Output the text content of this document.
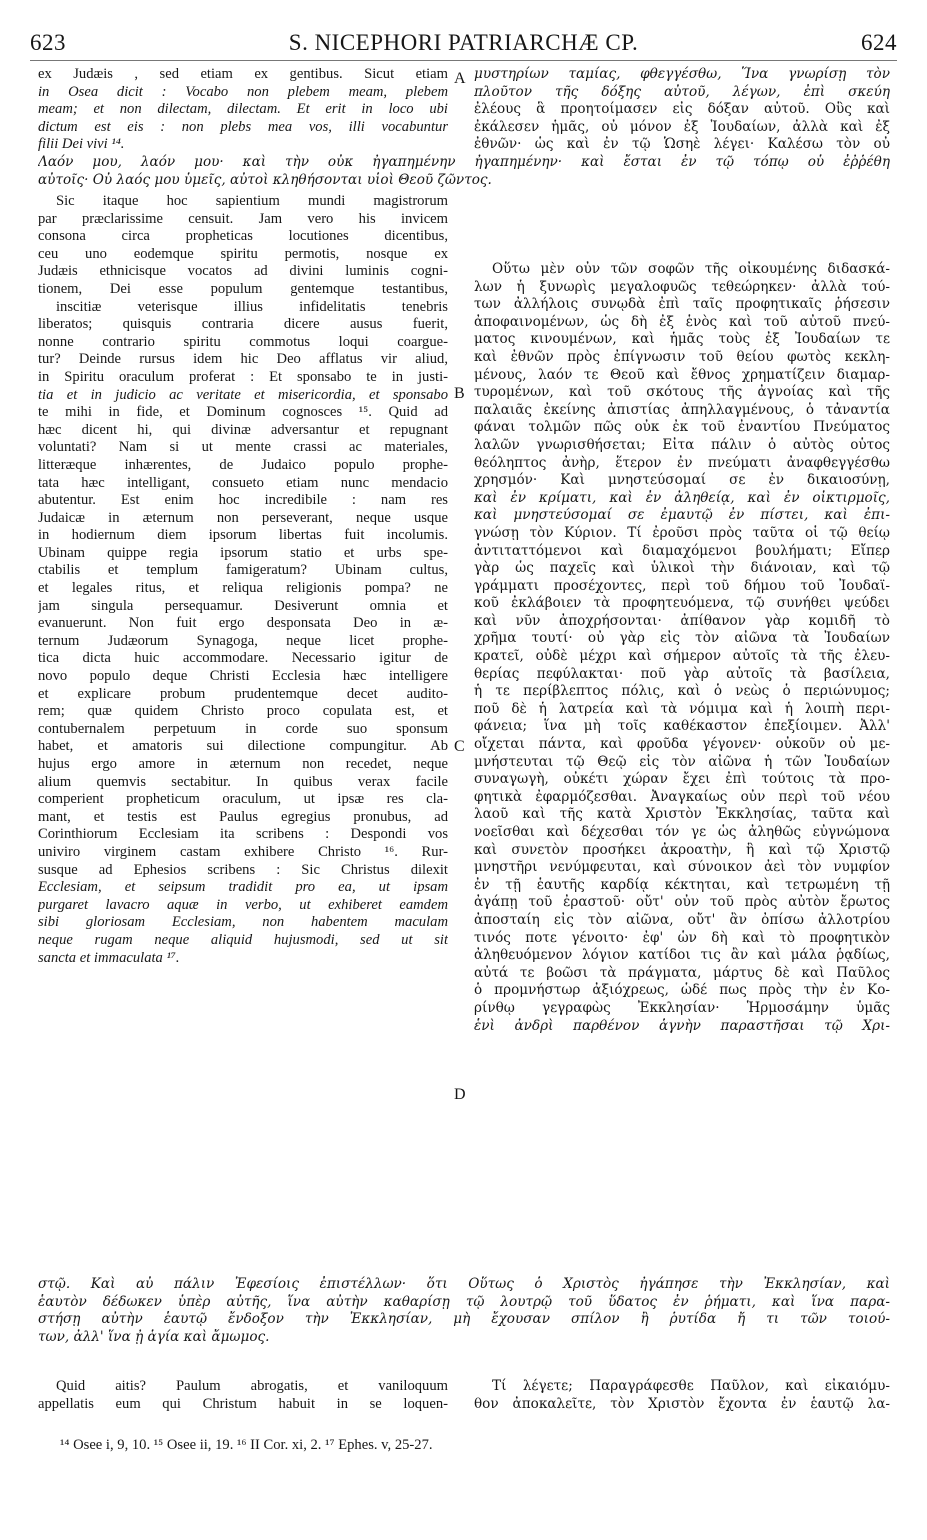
S. NICEPHORI PATRIARCHÆ CP.
623	624
A
B
C
D
ex Judæis , sed etiam ex gentibus. Sicut etiam
in Osea dicit : Vocabo non plebem meam, plebem
meam; et non dilectam, dilectam. Et erit in loco ubi
dictum est eis : non plebs mea vos, illi vocabuntur
filii Dei vivi ¹⁴.
μυστηρίων ταμίας, φθεγγέσθω, Ἵνα γνωρίσῃ τὸν
πλοῦτον τῆς δόξης αὐτοῦ, λέγων, ἐπὶ σκεύη
ἐλέους ἃ προητοίμασεν εἰς δόξαν αὐτοῦ. Οὓς καὶ
ἐκάλεσεν ἡμᾶς, οὐ μόνον ἐξ Ἰουδαίων, ἀλλὰ καὶ ἐξ
ἐθνῶν· ὡς καὶ ἐν τῷ Ὡσηὲ λέγει· Καλέσω τὸν οὐ
Λαόν μου, λαόν μου· καὶ τὴν οὐκ ἠγαπημένην ἠγαπημένην· καὶ ἔσται ἐν τῷ τόπῳ οὗ ἐῤῥέθη
αὐτοῖς· Οὐ λαός μου ὑμεῖς, αὐτοὶ κληθήσονται υἱοὶ Θεοῦ ζῶντος.
Sic itaque hoc sapientium mundi magistrorum
par præclarissime censuit. Jam vero his invicem
consona circa propheticas locutiones dicentibus,
ceu uno eodemque spiritu permotis, nosque ex
Judæis ethnicisque vocatos ad divini luminis cogni-
tionem, Dei esse populum gentemque testantibus,
inscitiæ veterisque illius infidelitatis tenebris
liberatos; quisquis contraria dicere ausus fuerit,
nonne contrario spiritu commotus loqui coargue-
tur? Deinde rursus idem hic Deo afflatus vir aliud,
in Spiritu oraculum proferat : Et sponsabo te in justi-
tia et in judicio ac veritate et misericordia, et sponsabo
te mihi in fide, et Dominum cognosces ¹⁵. Quid ad
hæc dicent hi, qui divinæ adversantur et repugnant
voluntati? Nam si ut mente crassi ac materiales,
litteræque inhærentes, de Judaico populo prophe-
tata hæc intelligant, consueto etiam nunc mendacio
abutentur. Est enim hoc incredibile : nam res
Judaicæ in æternum non perseverant, neque usque
in hodiernum diem ipsorum libertas fuit incolumis.
Ubinam quippe regia ipsorum statio et urbs spe-
ctabilis et templum famigeratum? Ubinam cultus,
et legales ritus, et reliqua religionis pompa? ne
jam singula persequamur. Desiverunt omnia et
evanuerunt. Non fuit ergo desponsata Deo in æ-
ternum Judæorum Synagoga, neque licet prophe-
tica dicta huic accommodare. Necessario igitur de
novo populo deque Christi Ecclesia hæc intelligere
et explicare probum prudentemque decet audito-
rem; quæ quidem Christo proco copulata est, et
contubernalem perpetuum in corde suo sponsum
habet, et amatoris sui dilectione compungitur. Ab
hujus ergo amore in æternum non recedet, neque
alium quemvis sectabitur. In quibus verax facile
comperient propheticum oraculum, ut ipsæ res cla-
mant, et testis est Paulus egregius pronubus, ad
Corinthiorum Ecclesiam ita scribens : Despondi vos
univiro virginem castam exhibere Christo ¹⁶. Rur-
susque ad Ephesios scribens : Sic Christus dilexit
Ecclesiam, et seipsum tradidit pro ea, ut ipsam
purgaret lavacro aquæ in verbo, ut exhiberet eamdem
sibi gloriosam Ecclesiam, non habentem maculam
neque rugam neque aliquid hujusmodi, sed ut sit
sancta et immaculata ¹⁷.
Οὕτω μὲν οὖν τῶν σοφῶν τῆς οἰκουμένης διδασκά-
λων ἡ ξυνωρὶς μεγαλοφυῶς τεθεώρηκεν· ἀλλὰ τού-
των ἀλλήλοις συνῳδὰ ἐπὶ ταῖς προφητικαῖς ῥήσεσιν
ἀποφαινομένων, ὡς δὴ ἐξ ἑνὸς καὶ τοῦ αὐτοῦ πνεύ-
ματος κινουμένων, καὶ ἡμᾶς τοὺς ἐξ Ἰουδαίων τε
καὶ ἐθνῶν πρὸς ἐπίγνωσιν τοῦ θείου φωτὸς κεκλη-
μένους, λαόν τε Θεοῦ καὶ ἔθνος χρηματίζειν διαμαρ-
τυρομένων, καὶ τοῦ σκότους τῆς ἀγνοίας καὶ τῆς
παλαιᾶς ἐκείνης ἀπιστίας ἀπηλλαγμένους, ὁ τἀναντία
φάναι τολμῶν πῶς οὐκ ἐκ τοῦ ἐναντίου Πνεύματος
λαλῶν γνωρισθήσεται; Εἶτα πάλιν ὁ αὐτὸς οὗτος
θεόληπτος ἀνὴρ, ἕτερον ἐν πνεύματι ἀναφθεγγέσθω
χρησμόν· Καὶ μνηστεύσομαί σε ἐν δικαιοσύνῃ,
καὶ ἐν κρίματι, καὶ ἐν ἀληθείᾳ, καὶ ἐν οἰκτιρμοῖς,
καὶ μνηστεύσομαί σε ἐμαυτῷ ἐν πίστει, καὶ ἐπι-
γνώσῃ τὸν Κύριον. Τί ἐροῦσι πρὸς ταῦτα οἱ τῷ θείῳ
ἀντιταττόμενοι καὶ διαμαχόμενοι βουλήματι; Εἴπερ
γὰρ ὡς παχεῖς καὶ ὑλικοὶ τὴν διάνοιαν, καὶ τῷ
γράμματι προσέχοντες, περὶ τοῦ δήμου τοῦ Ἰουδαϊ-
κοῦ ἐκλάβοιεν τὰ προφητευόμενα, τῷ συνήθει ψεύδει
καὶ νῦν ἀποχρήσονται· ἀπίθανον γὰρ κομιδῆ τὸ
χρῆμα τουτί· οὐ γὰρ εἰς τὸν αἰῶνα τὰ Ἰουδαίων
κρατεῖ, οὐδὲ μέχρι καὶ σήμερον αὐτοῖς τὰ τῆς ἐλευ-
θερίας πεφύλακται· ποῦ γὰρ αὐτοῖς τὰ βασίλεια,
ἡ τε περίβλεπτος πόλις, καὶ ὁ νεὼς ὁ περιώνυμος;
ποῦ δὲ ἡ λατρεία καὶ τὰ νόμιμα καὶ ἡ λοιπὴ περι-
φάνεια; ἵνα μὴ τοῖς καθέκαστον ἐπεξίοιμεν. Ἀλλ'
οἴχεται πάντα, καὶ φροῦδα γέγονεν· οὐκοῦν οὐ με-
μνήστευται τῷ Θεῷ εἰς τὸν αἰῶνα ἡ τῶν Ἰουδαίων
συναγωγὴ, οὐκέτι χώραν ἔχει ἐπὶ τούτοις τὰ προ-
φητικὰ ἐφαρμόζεσθαι. Ἀναγκαίως οὖν περὶ τοῦ νέου
λαοῦ καὶ τῆς κατὰ Χριστὸν Ἐκκλησίας, ταῦτα καὶ
νοεῖσθαι καὶ δέχεσθαι τόν γε ὡς ἀληθῶς εὐγνώμονα
καὶ συνετὸν προσήκει ἀκροατὴν, ἣ καὶ τῷ Χριστῷ
μνηστῆρι νενύμφευται, καὶ σύνοικον ἀεὶ τὸν νυμφίον
ἐν τῇ ἑαυτῆς καρδίᾳ κέκτηται, καὶ τετρωμένη τῇ
ἀγάπῃ τοῦ ἐραστοῦ· οὔτ' οὖν τοῦ πρὸς αὐτὸν ἔρωτος
ἀποσταίη εἰς τὸν αἰῶνα, οὔτ' ἂν ὀπίσω ἀλλοτρίου
τινός ποτε γένοιτο· ἐφ' ὧν δὴ καὶ τὸ προφητικὸν
ἀληθευόμενον λόγιον κατίδοι τις ἂν καὶ μάλα ῥᾳδίως,
αὐτά τε βοῶσι τὰ πράγματα, μάρτυς δὲ καὶ Παῦλος
ὁ προμνήστωρ ἀξιόχρεως, ὧδέ πως πρὸς τὴν ἐν Κο-
ρίνθῳ γεγραφὼς Ἐκκλησίαν· Ἡρμοσάμην ὑμᾶς
ἑνὶ ἀνδρὶ παρθένον ἁγνὴν παραστῆσαι τῷ Χρι-
στῷ. Καὶ αὖ πάλιν Ἐφεσίοις ἐπιστέλλων· ὅτι Οὕτως ὁ Χριστὸς ἠγάπησε τὴν Ἐκκλησίαν, καὶ
ἑαυτὸν δέδωκεν ὑπὲρ αὐτῆς, ἵνα αὐτὴν καθαρίσῃ τῷ λουτρῷ τοῦ ὕδατος ἐν ῥήματι, καὶ ἵνα παρα-
στήσῃ αὐτὴν ἑαυτῷ ἔνδοξον τὴν Ἐκκλησίαν, μὴ ἔχουσαν σπίλον ἢ ῥυτίδα ἤ τι τῶν τοιού-
των, ἀλλ' ἵνα ᾖ ἁγία καὶ ἄμωμος.
Quid aitis? Paulum abrogatis, et vaniloquum
appellatis eum qui Christum habuit in se loquen-
Τί λέγετε; Παραγράφεσθε Παῦλον, καὶ εἰκαιόμυ-
θον ἀποκαλεῖτε, τὸν Χριστὸν ἔχοντα ἐν ἑαυτῷ λα-
¹⁴ Osee i, 9, 10. ¹⁵ Osee ii, 19. ¹⁶ II Cor. xi, 2. ¹⁷ Ephes. v, 25-27.
